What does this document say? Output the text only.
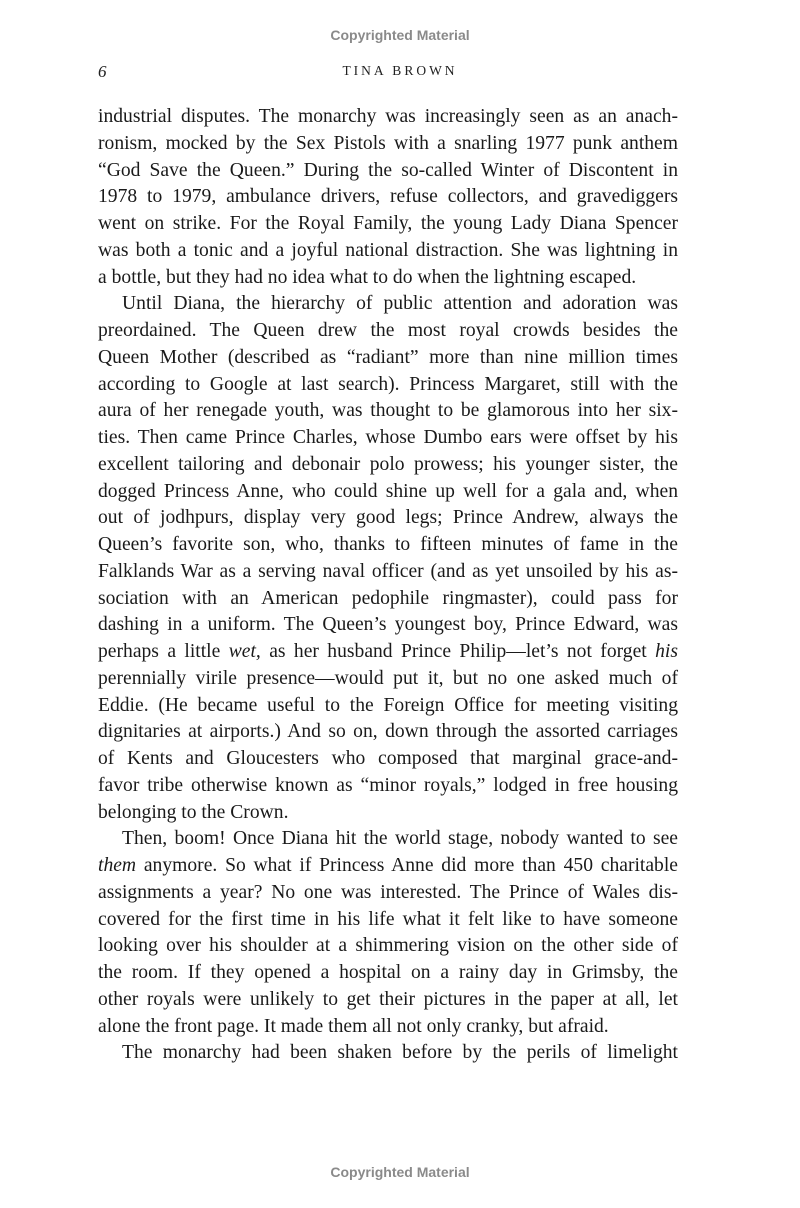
Copyrighted Material
6	TINA BROWN
industrial disputes. The monarchy was increasingly seen as an anach-
ronism, mocked by the Sex Pistols with a snarling 1977 punk anthem
“God Save the Queen.” During the so-called Winter of Discontent in
1978 to 1979, ambulance drivers, refuse collectors, and gravediggers
went on strike. For the Royal Family, the young Lady Diana Spencer
was both a tonic and a joyful national distraction. She was lightning in
a bottle, but they had no idea what to do when the lightning escaped.
Until Diana, the hierarchy of public attention and adoration was
preordained. The Queen drew the most royal crowds besides the
Queen Mother (described as “radiant” more than nine million times
according to Google at last search). Princess Margaret, still with the
aura of her renegade youth, was thought to be glamorous into her six-
ties. Then came Prince Charles, whose Dumbo ears were offset by his
excellent tailoring and debonair polo prowess; his younger sister, the
dogged Princess Anne, who could shine up well for a gala and, when
out of jodhpurs, display very good legs; Prince Andrew, always the
Queen’s favorite son, who, thanks to fifteen minutes of fame in the
Falklands War as a serving naval officer (and as yet unsoiled by his as-
sociation with an American pedophile ringmaster), could pass for
dashing in a uniform. The Queen’s youngest boy, Prince Edward, was
perhaps a little wet, as her husband Prince Philip—let’s not forget his
perennially virile presence—would put it, but no one asked much of
Eddie. (He became useful to the Foreign Office for meeting visiting
dignitaries at airports.) And so on, down through the assorted carriages
of Kents and Gloucesters who composed that marginal grace-and-
favor tribe otherwise known as “minor royals,” lodged in free housing
belonging to the Crown.
Then, boom! Once Diana hit the world stage, nobody wanted to see
them anymore. So what if Princess Anne did more than 450 charitable
assignments a year? No one was interested. The Prince of Wales dis-
covered for the first time in his life what it felt like to have someone
looking over his shoulder at a shimmering vision on the other side of
the room. If they opened a hospital on a rainy day in Grimsby, the
other royals were unlikely to get their pictures in the paper at all, let
alone the front page. It made them all not only cranky, but afraid.
The monarchy had been shaken before by the perils of limelight
Copyrighted Material
